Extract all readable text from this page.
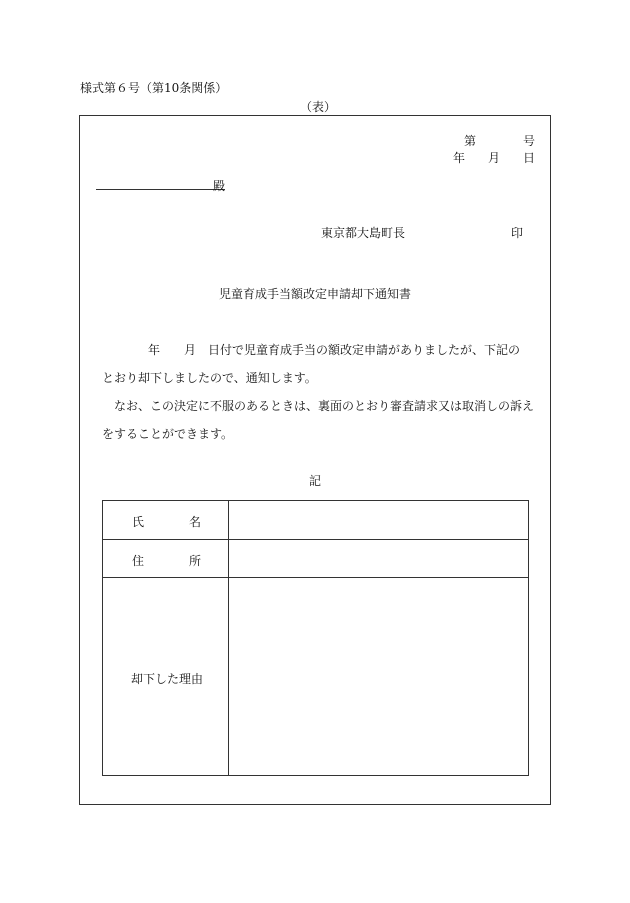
様式第６号（第10条関係）
（表）
第	号
年 月 日
殿
東京都大島町長	印
児童育成手当額改定申請却下通知書
年 月 日付で児童育成手当の額改定申請がありましたが、下記の
とおり却下しましたので、通知します。
なお、この決定に不服のあるときは、裏面のとおり審査請求又は取消しの訴え
をすることができます。
記
氏	名
住	所
却下した理由
